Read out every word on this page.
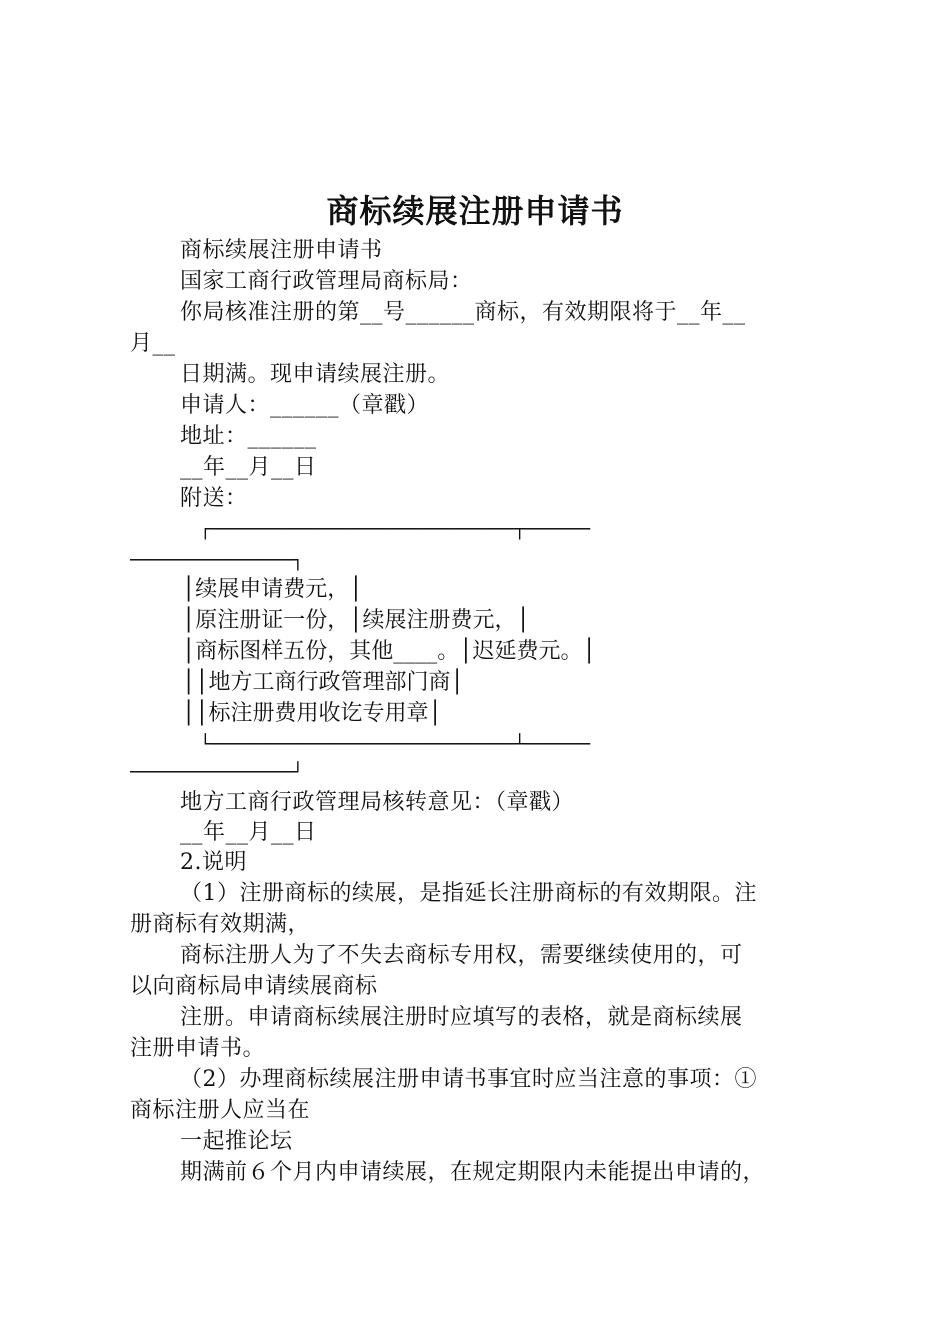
商标续展注册申请书
商标续展注册申请书
国家工商行政管理局商标局：
你局核准注册的第__号______商标，有效期限将于__年__
月__
日期满。现申请续展注册。
申请人：______（章戳）
地址：______
__年__月__日
附送：
┌────────────────────────────┬──────
───────────────┐
│续展申请费元，│
│原注册证一份，│续展注册费元，│
│商标图样五份，其他____。│迟延费元。│
││地方工商行政管理部门商│
││标注册费用收讫专用章│
└────────────────────────────┴──────
───────────────┘
地方工商行政管理局核转意见：（章戳）
__年__月__日
2.说明
（1）注册商标的续展，是指延长注册商标的有效期限。注
册商标有效期满，
商标注册人为了不失去商标专用权，需要继续使用的，可
以向商标局申请续展商标
注册。申请商标续展注册时应填写的表格，就是商标续展
注册申请书。
（2）办理商标续展注册申请书事宜时应当注意的事项：①
商标注册人应当在
一起推论坛
期满前６个月内申请续展，在规定期限内未能提出申请的，
